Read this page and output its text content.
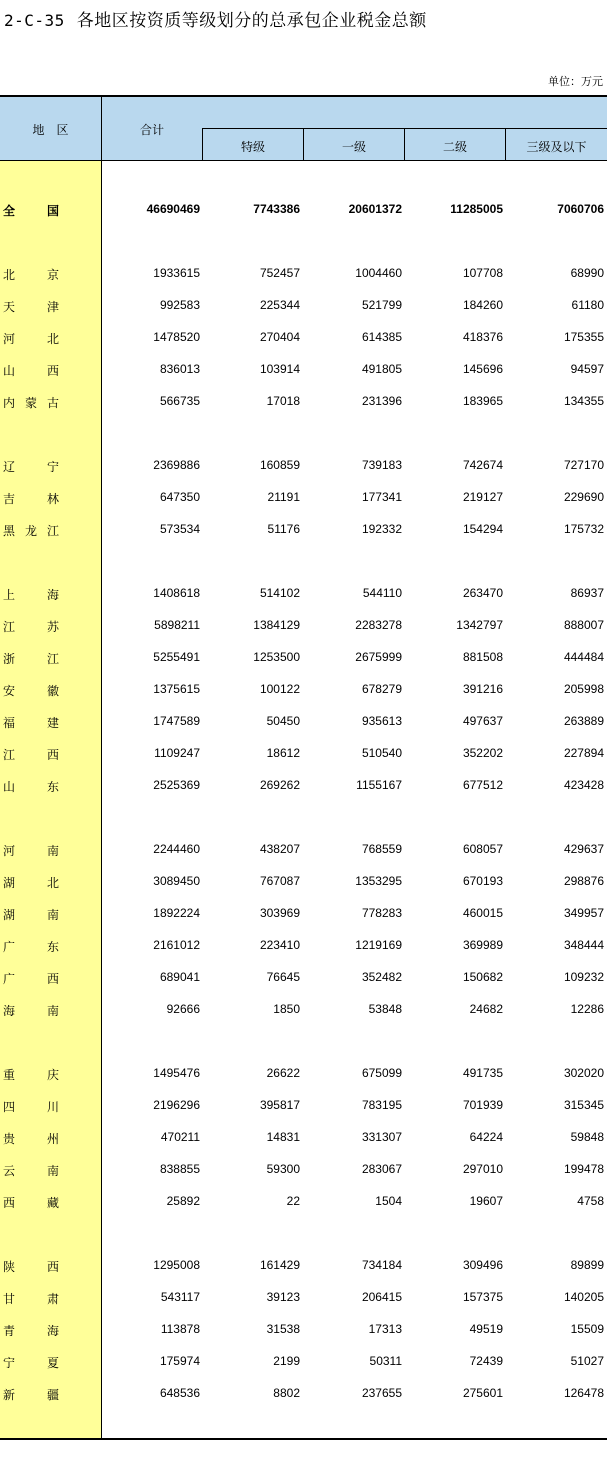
2-C-35 各地区按资质等级划分的总承包企业税金总额
单位：万元
地　区	合计
特级	一级	二级	三级及以下
全	国	46690469	7743386	20601372	11285005	7060706
北	京	1933615	752457	1004460	107708	68990
天	津	992583	225344	521799	184260	61180
河	北	1478520	270404	614385	418376	175355
山	西	836013	103914	491805	145696	94597
内 蒙 古	566735	17018	231396	183965	134355
辽	宁	2369886	160859	739183	742674	727170
吉	林	647350	21191	177341	219127	229690
黑 龙 江	573534	51176	192332	154294	175732
上	海	1408618	514102	544110	263470	86937
江	苏	5898211	1384129	2283278	1342797	888007
浙	江	5255491	1253500	2675999	881508	444484
安	徽	1375615	100122	678279	391216	205998
福	建	1747589	50450	935613	497637	263889
江	西	1109247	18612	510540	352202	227894
山	东	2525369	269262	1155167	677512	423428
河	南	2244460	438207	768559	608057	429637
湖	北	3089450	767087	1353295	670193	298876
湖	南	1892224	303969	778283	460015	349957
广	东	2161012	223410	1219169	369989	348444
广	西	689041	76645	352482	150682	109232
海	南	92666	1850	53848	24682	12286
重	庆	1495476	26622	675099	491735	302020
四	川	2196296	395817	783195	701939	315345
贵	州	470211	14831	331307	64224	59848
云	南	838855	59300	283067	297010	199478
西	藏	25892	22	1504	19607	4758
陕	西	1295008	161429	734184	309496	89899
甘	肃	543117	39123	206415	157375	140205
青	海	113878	31538	17313	49519	15509
宁	夏	175974	2199	50311	72439	51027
新	疆	648536	8802	237655	275601	126478
